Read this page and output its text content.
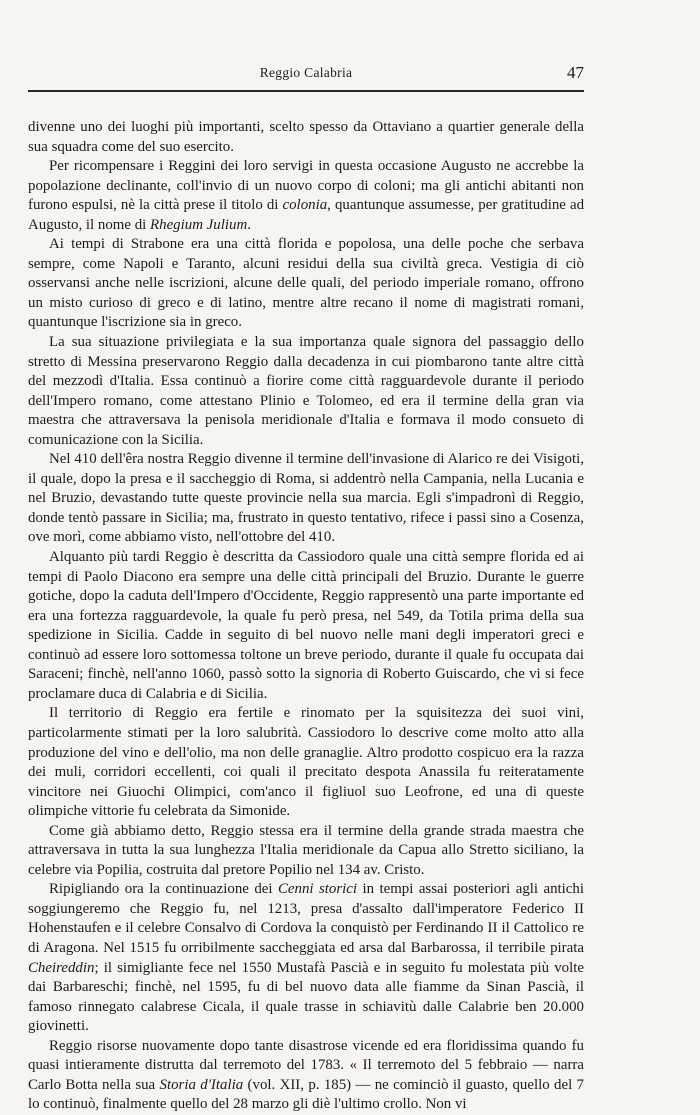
Reggio Calabria	47

divenne uno dei luoghi più importanti, scelto spesso da Ottaviano a quartier generale della sua squadra come del suo esercito.

Per ricompensare i Reggini dei loro servigi in questa occasione Augusto ne accrebbe la popolazione declinante, coll'invio di un nuovo corpo di coloni; ma gli antichi abitanti non furono espulsi, nè la città prese il titolo di colonia, quantunque assumesse, per gratitudine ad Augusto, il nome di Rhegium Julium.

Ai tempi di Strabone era una città florida e popolosa, una delle poche che serbava sempre, come Napoli e Taranto, alcuni residui della sua civiltà greca. Vestigia di ciò osservansi anche nelle iscrizioni, alcune delle quali, del periodo imperiale romano, offrono un misto curioso di greco e di latino, mentre altre recano il nome di magistrati romani, quantunque l'iscrizione sia in greco.

La sua situazione privilegiata e la sua importanza quale signora del passaggio dello stretto di Messina preservarono Reggio dalla decadenza in cui piombarono tante altre città del mezzodì d'Italia. Essa continuò a fiorire come città ragguardevole durante il periodo dell'Impero romano, come attestano Plinio e Tolomeo, ed era il termine della gran via maestra che attraversava la penisola meridionale d'Italia e formava il modo consueto di comunicazione con la Sicilia.

Nel 410 dell'êra nostra Reggio divenne il termine dell'invasione di Alarico re dei Visigoti, il quale, dopo la presa e il saccheggio di Roma, si addentrò nella Campania, nella Lucania e nel Bruzio, devastando tutte queste provincie nella sua marcia. Egli s'impadronì di Reggio, donde tentò passare in Sicilia; ma, frustrato in questo tentativo, rifece i passi sino a Cosenza, ove morì, come abbiamo visto, nell'ottobre del 410.

Alquanto più tardi Reggio è descritta da Cassiodoro quale una città sempre florida ed ai tempi di Paolo Diacono era sempre una delle città principali del Bruzio. Durante le guerre gotiche, dopo la caduta dell'Impero d'Occidente, Reggio rappresentò una parte importante ed era una fortezza ragguardevole, la quale fu però presa, nel 549, da Totila prima della sua spedizione in Sicilia. Cadde in seguito di bel nuovo nelle mani degli imperatori greci e continuò ad essere loro sottomessa toltone un breve periodo, durante il quale fu occupata dai Saraceni; finchè, nell'anno 1060, passò sotto la signoria di Roberto Guiscardo, che vi si fece proclamare duca di Calabria e di Sicilia.

Il territorio di Reggio era fertile e rinomato per la squisitezza dei suoi vini, particolarmente stimati per la loro salubrità. Cassiodoro lo descrive come molto atto alla produzione del vino e dell'olio, ma non delle granaglie. Altro prodotto cospicuo era la razza dei muli, corridori eccellenti, coi quali il precitato despota Anassila fu reiteratamente vincitore nei Giuochi Olimpici, com'anco il figliuol suo Leofrone, ed una di queste olimpiche vittorie fu celebrata da Simonide.

Come già abbiamo detto, Reggio stessa era il termine della grande strada maestra che attraversava in tutta la sua lunghezza l'Italia meridionale da Capua allo Stretto siciliano, la celebre via Popilia, costruita dal pretore Popilio nel 134 av. Cristo.

Ripigliando ora la continuazione dei Cenni storici in tempi assai posteriori agli antichi soggiungeremo che Reggio fu, nel 1213, presa d'assalto dall'imperatore Federico II Hohenstaufen e il celebre Consalvo di Cordova la conquistò per Ferdinando II il Cattolico re di Aragona. Nel 1515 fu orribilmente saccheggiata ed arsa dal Barbarossa, il terribile pirata Cheireddin; il simigliante fece nel 1550 Mustafà Pascià e in seguito fu molestata più volte dai Barbareschi; finchè, nel 1595, fu di bel nuovo data alle fiamme da Sinan Pascià, il famoso rinnegato calabrese Cicala, il quale trasse in schiavitù dalle Calabrie ben 20.000 giovinetti.

Reggio risorse nuovamente dopo tante disastrose vicende ed era floridissima quando fu quasi intieramente distrutta dal terremoto del 1783. « Il terremoto del 5 febbraio — narra Carlo Botta nella sua Storia d'Italia (vol. XII, p. 185) — ne cominciò il guasto, quello del 7 lo continuò, finalmente quello del 28 marzo gli diè l'ultimo crollo. Non vi
